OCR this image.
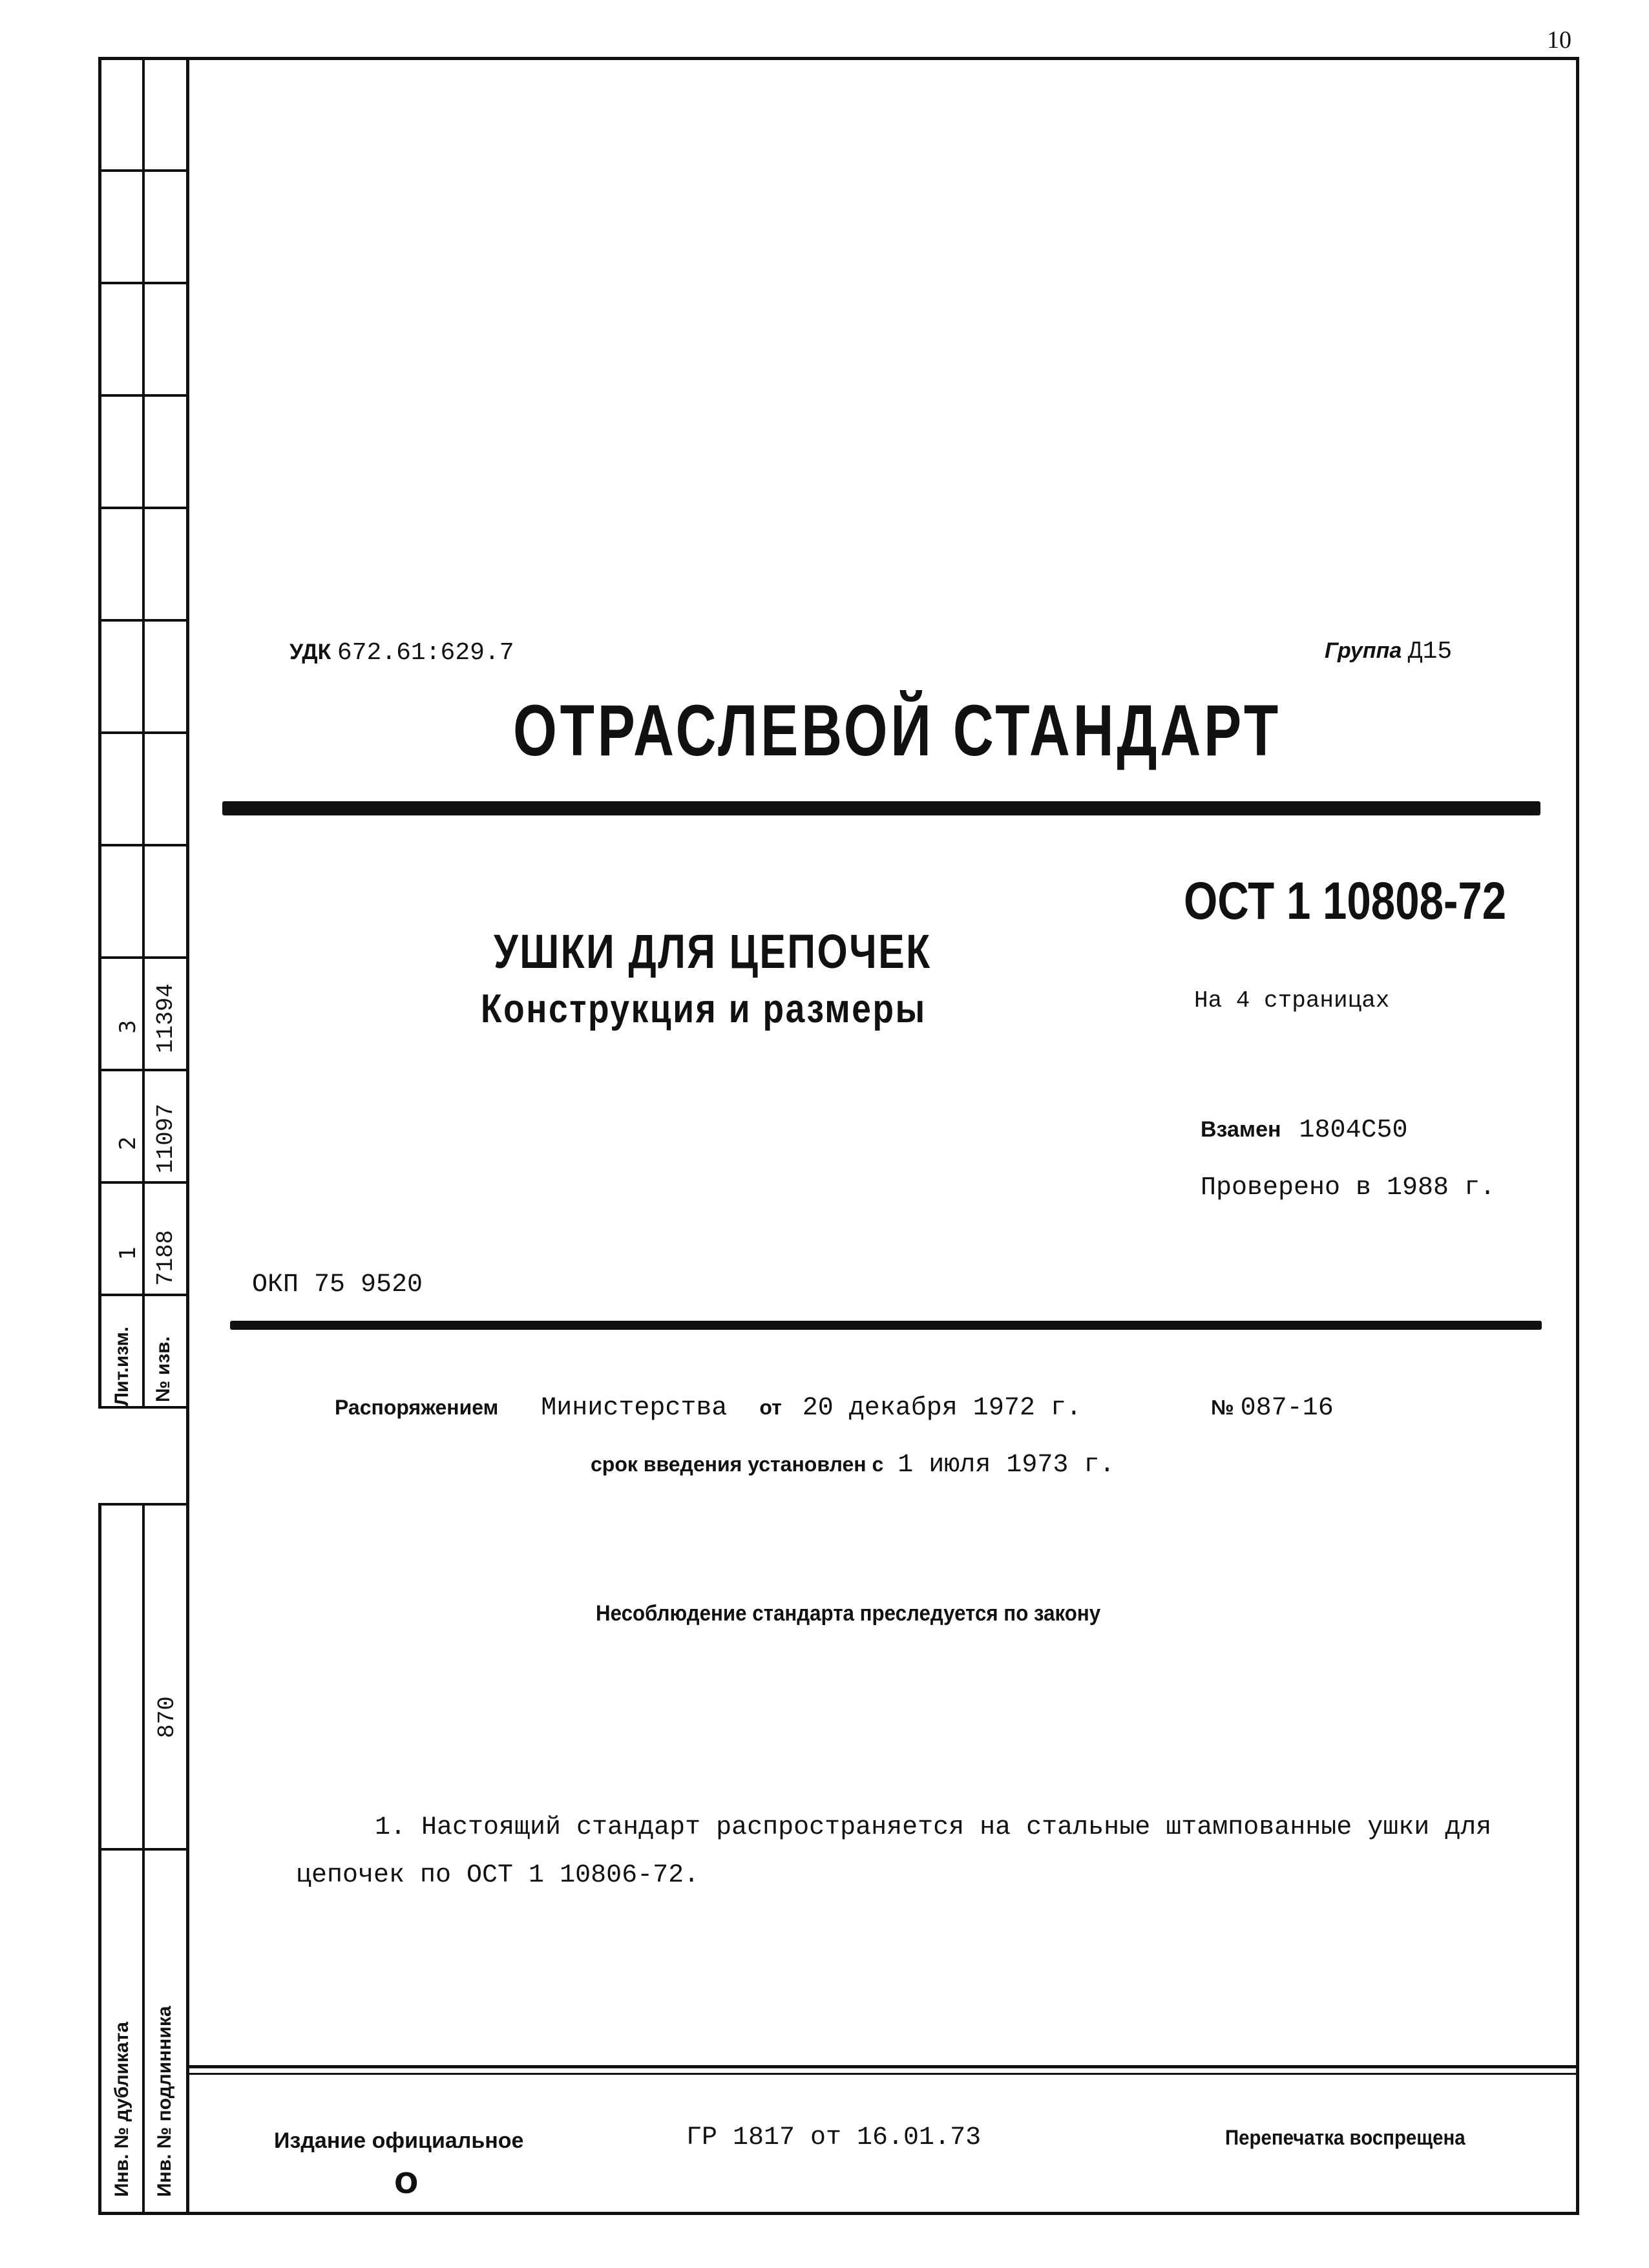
10
3 11394
2 11097
1 7188
Лит.изм. № изв.
870
Инв. № дубликата Инв. № подлинника
УДК 672.61:629.7	Группа Д15
ОТРАСЛЕВОЙ СТАНДАРТ
ОСТ 1 10808-72
УШКИ ДЛЯ ЦЕПОЧЕК
Конструкция и размеры	На 4 страницах
Взамен 1804С50
Проверено в 1988 г.
ОКП 75 9520
Распоряжением Министерства от 20 декабря 1972 г.	№ 087-16
срок введения установлен с 1 июля 1973 г.
Несоблюдение стандарта преследуется по закону
1. Настоящий стандарт распространяется на стальные штампованные ушки для
цепочек по ОСТ 1 10806-72.
Издание официальное
О
ГР 1817 от 16.01.73	Перепечатка воспрещена
